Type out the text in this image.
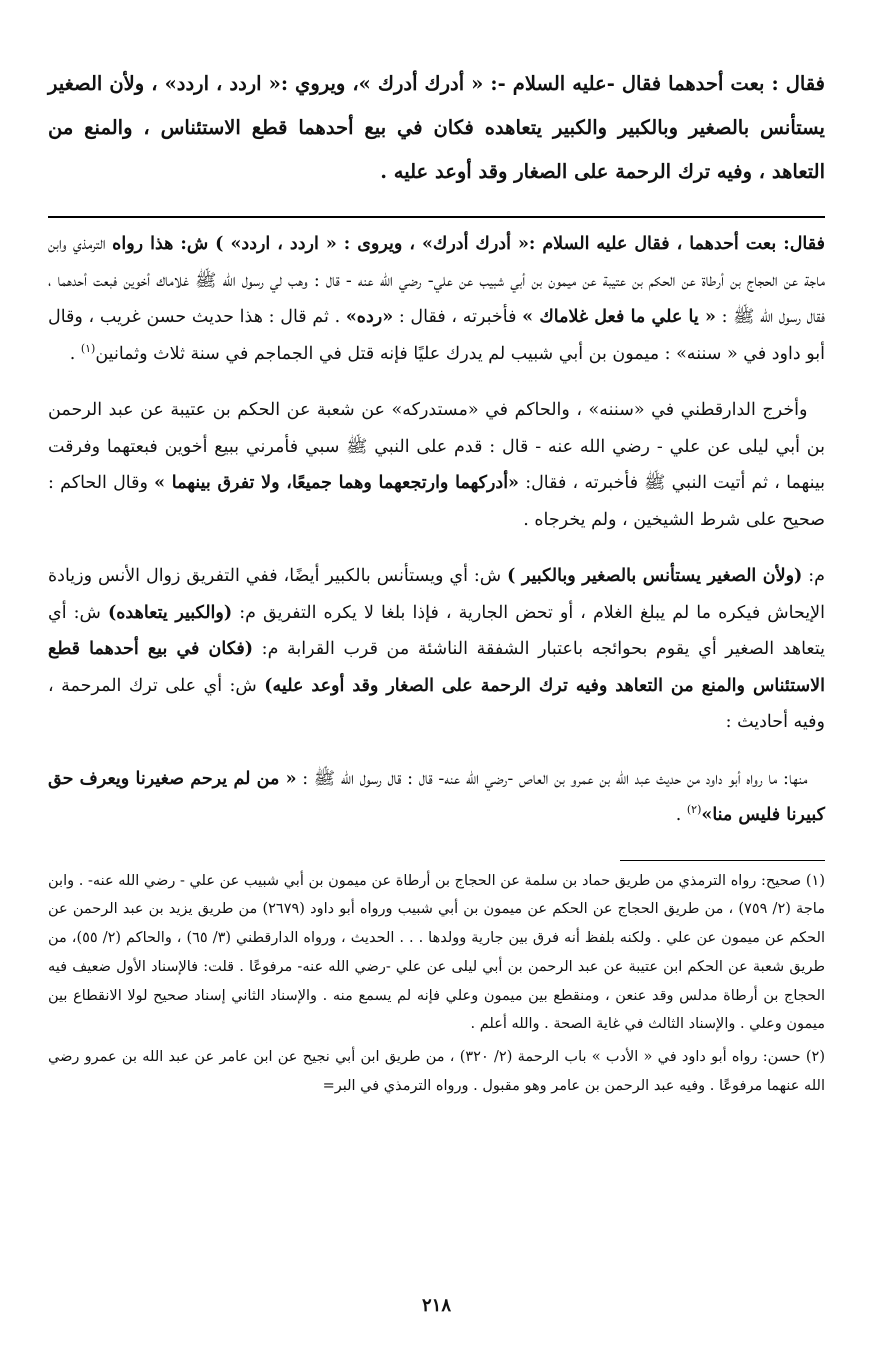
فقال : بعت أحدهما فقال -عليه السلام -: « أدرك أدرك »، ويروي :« اردد ، اردد» ، ولأن الصغير يستأنس بالصغير وبالكبير والكبير يتعاهده فكان في بيع أحدهما قطع الاستئناس ، والمنع من التعاهد ، وفيه ترك الرحمة على الصغار وقد أوعد عليه .

فقال: بعت أحدهما ، فقال عليه السلام :« أدرك أدرك» ، ويروى : « اردد ، اردد» ) ش: هذا رواه الترمذي وابن ماجة عن الحجاج بن أرطاة عن الحكم بن عتيبة عن ميمون بن أبي شبيب عن علي- رضي الله عنه - قال : وهب لي رسول الله ﷺ غلاماك أخوين فبعت أحدهما ، فقال رسول الله ﷺ : « يا علي ما فعل غلاماك » فأخبرته ، فقال : «رده» . ثم قال : هذا حديث حسن غريب ، وقال أبو داود في « سننه» : ميمون بن أبي شبيب لم يدرك عليًا فإنه قتل في الجماجم في سنة ثلاث وثمانين$^{(١)}$ .

 وأخرج الدارقطني في «سننه» ، والحاكم في «مستدركه» عن شعبة عن الحكم بن عتيبة عن عبد الرحمن بن أبي ليلى عن علي - رضي الله عنه - قال : قدم على النبي ﷺ سبي فأمرني ببيع أخوين فبعتهما وفرقت بينهما ، ثم أتيت النبي ﷺ فأخبرته ، فقال: «أدركهما وارتجعهما وهما جميعًا، ولا تفرق بينهما » وقال الحاكم : صحيح على شرط الشيخين ، ولم يخرجاه .

م: (ولأن الصغير يستأنس بالصغير وبالكبير ) ش: أي ويستأنس بالكبير أيضًا، ففي التفريق زوال الأنس وزيادة الإيحاش فيكره ما لم يبلغ الغلام ، أو تحض الجارية ، فإذا بلغا لا يكره التفريق م: (والكبير يتعاهده) ش: أي يتعاهد الصغير أي يقوم بحوائجه باعتبار الشفقة الناشئة من قرب القرابة م: (فكان في بيع أحدهما قطع الاستئناس والمنع من التعاهد وفيه ترك الرحمة على الصغار وقد أوعد عليه) ش: أي على ترك المرحمة ، وفيه أحاديث :

 منها: ما رواه أبو داود من حديث عبد الله بن عمرو بن العاص -رضي الله عنه- قال : قال رسول الله ﷺ : « من لم يرحم صغيرنا ويعرف حق كبيرنا فليس منا»$^{(٢)}$ .

(١) صحيح: رواه الترمذي من طريق حماد بن سلمة عن الحجاج بن أرطاة عن ميمون بن أبي شبيب عن علي - رضي الله عنه- . وابن ماجة (٢/ ٧٥٩) ، من طريق الحجاج عن الحكم عن ميمون بن أبي شبيب ورواه أبو داود (٢٦٧٩) من طريق يزيد بن عبد الرحمن عن الحكم عن ميمون عن علي . ولكنه بلفظ أنه فرق بين جارية وولدها . . . الحديث ، ورواه الدارقطني (٣/ ٦٥) ، والحاكم (٢/ ٥٥)، من طريق شعبة عن الحكم ابن عتيبة عن عبد الرحمن بن أبي ليلى عن علي -رضي الله عنه- مرفوعًا . قلت: فالإسناد الأول ضعيف فيه الحجاج بن أرطاة مدلس وقد عنعن ، ومنقطع بين ميمون وعلي فإنه لم يسمع منه . والإسناد الثاني إسناد صحيح لولا الانقطاع بين ميمون وعلي . والإسناد الثالث في غاية الصحة . والله أعلم .

(٢) حسن: رواه أبو داود في « الأدب » باب الرحمة (٢/ ٣٢٠) ، من طريق ابن أبي نجيح عن ابن عامر عن عبد الله بن عمرو رضي الله عنهما مرفوعًا . وفيه عبد الرحمن بن عامر وهو مقبول . ورواه الترمذي في البر=

٢١٨
